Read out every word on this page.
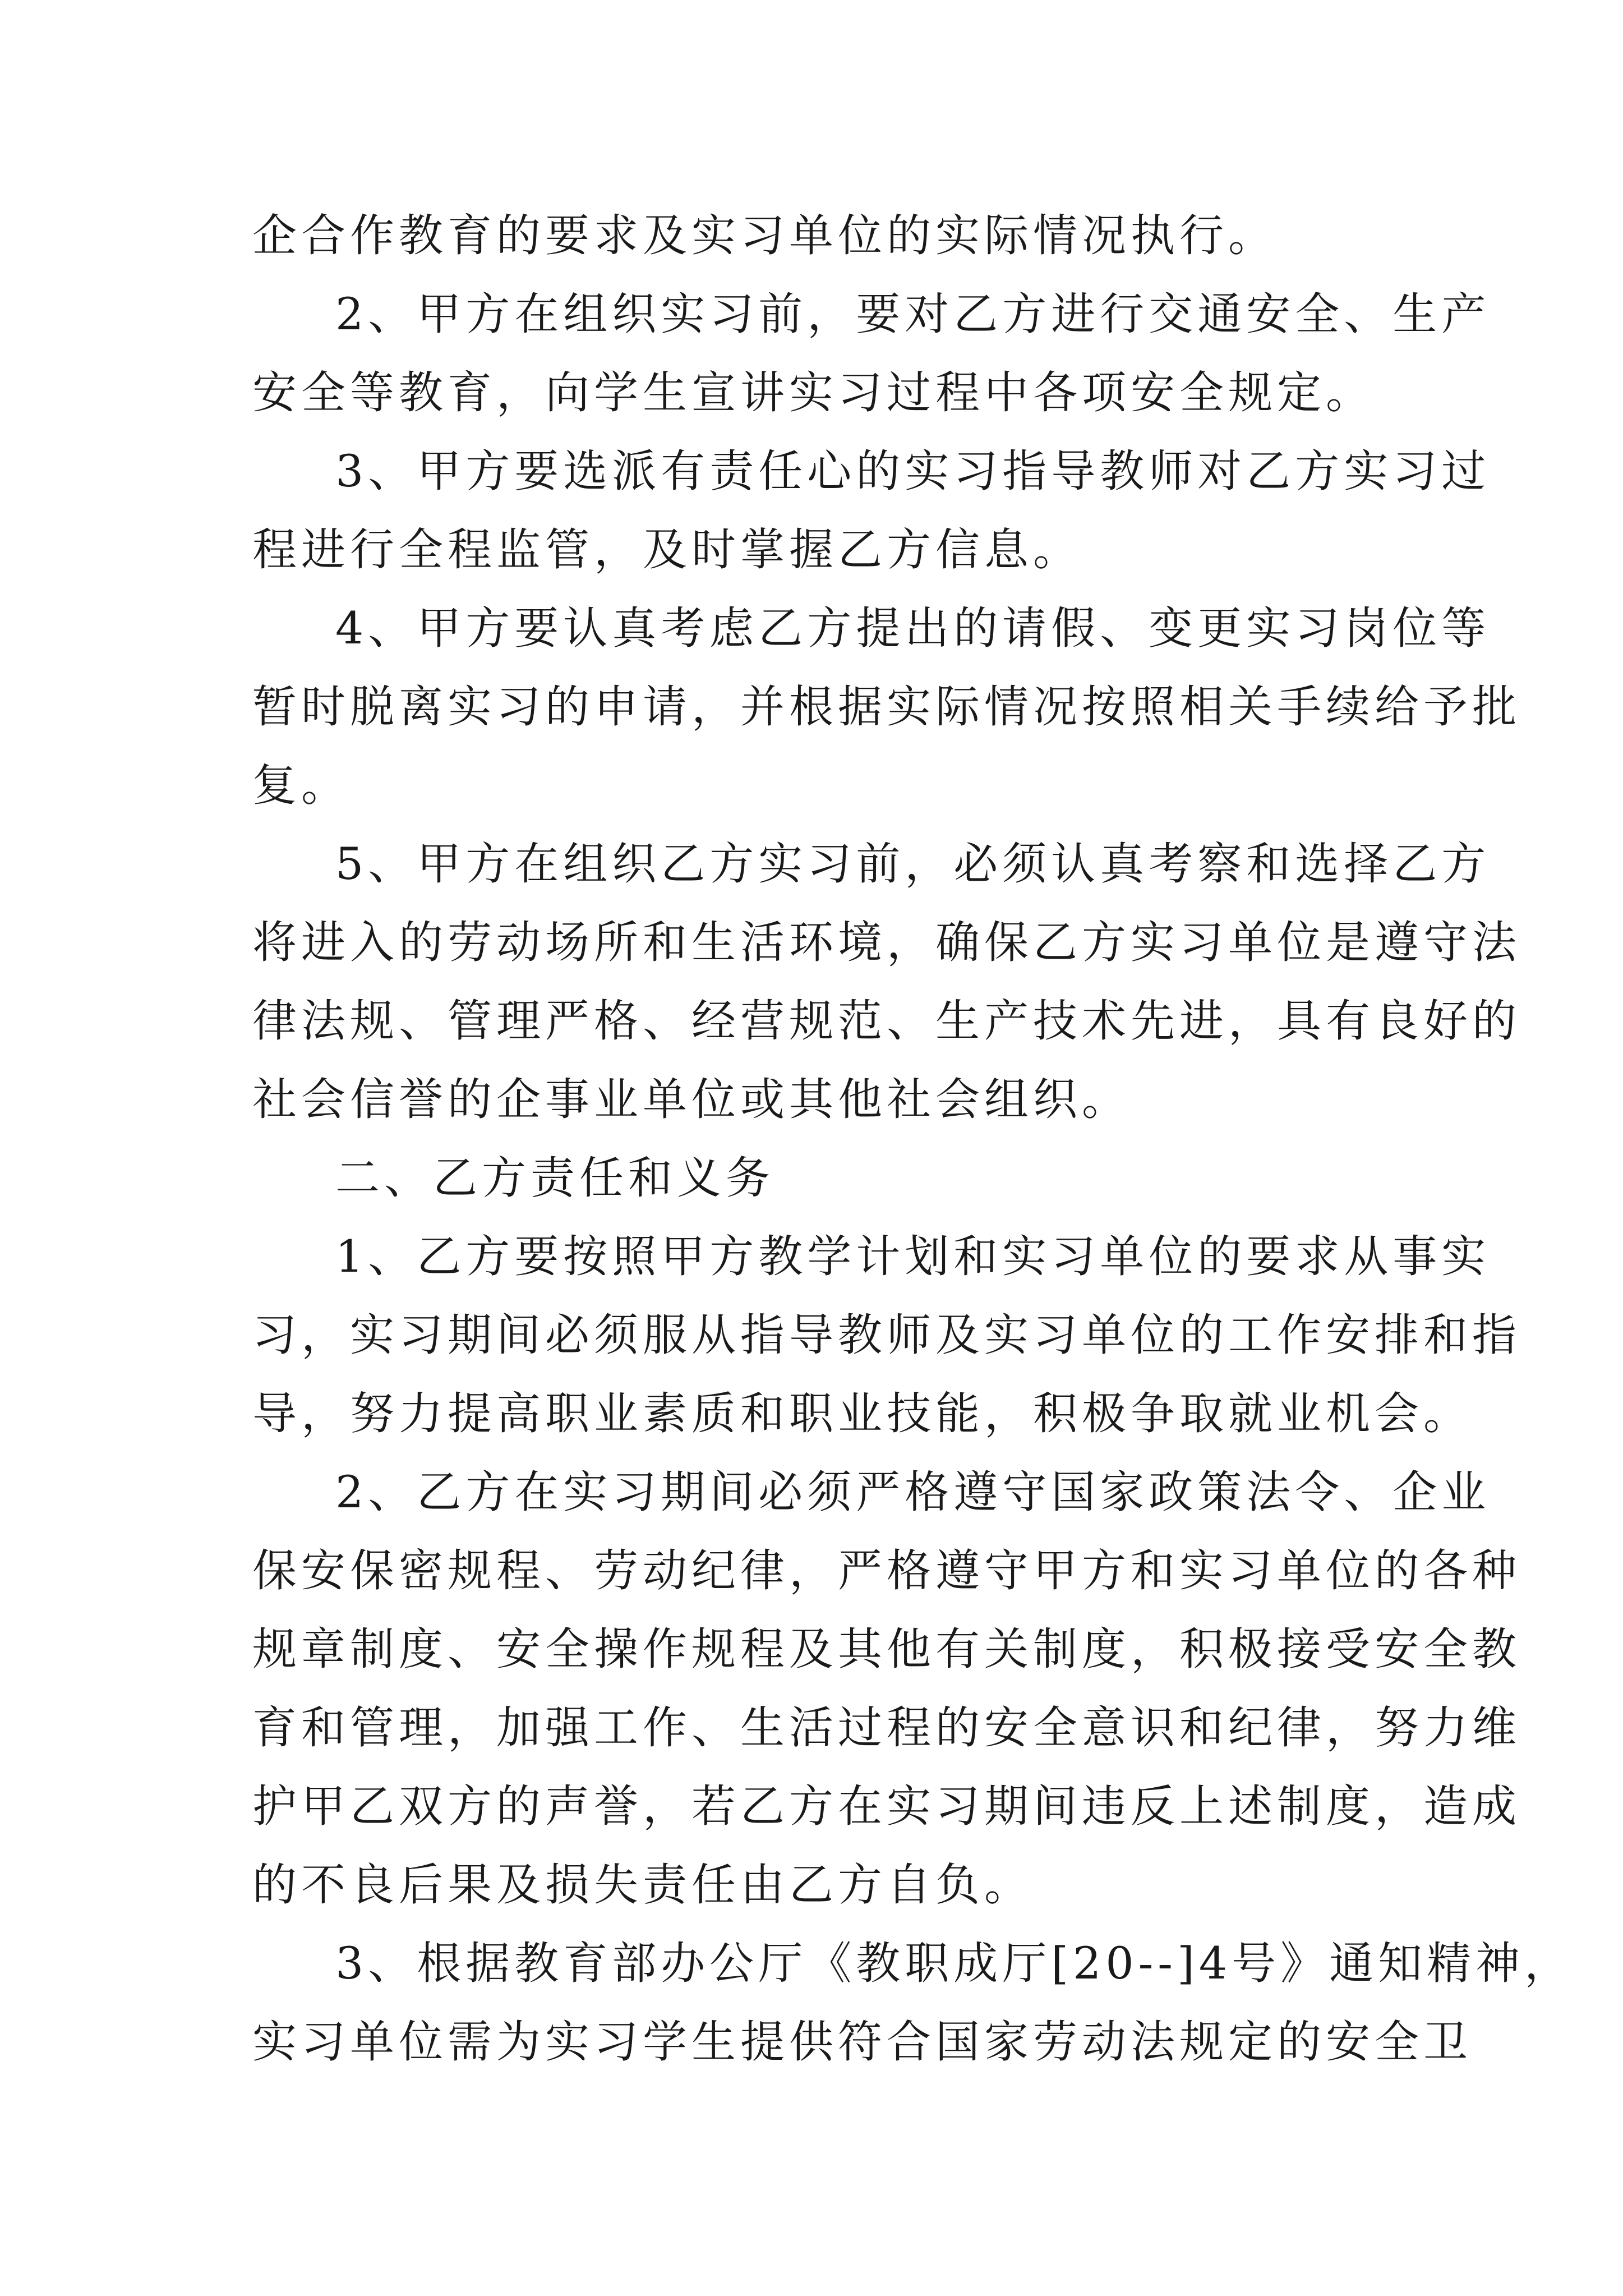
企合作教育的要求及实习单位的实际情况执行。
2、甲方在组织实习前，要对乙方进行交通安全、生产
安全等教育，向学生宣讲实习过程中各项安全规定。
3、甲方要选派有责任心的实习指导教师对乙方实习过
程进行全程监管，及时掌握乙方信息。
4、甲方要认真考虑乙方提出的请假、变更实习岗位等
暂时脱离实习的申请，并根据实际情况按照相关手续给予批
复。
5、甲方在组织乙方实习前，必须认真考察和选择乙方
将进入的劳动场所和生活环境，确保乙方实习单位是遵守法
律法规、管理严格、经营规范、生产技术先进，具有良好的
社会信誉的企事业单位或其他社会组织。
二、乙方责任和义务
1、乙方要按照甲方教学计划和实习单位的要求从事实
习，实习期间必须服从指导教师及实习单位的工作安排和指
导，努力提高职业素质和职业技能，积极争取就业机会。
2、乙方在实习期间必须严格遵守国家政策法令、企业
保安保密规程、劳动纪律，严格遵守甲方和实习单位的各种
规章制度、安全操作规程及其他有关制度，积极接受安全教
育和管理，加强工作、生活过程的安全意识和纪律，努力维
护甲乙双方的声誉，若乙方在实习期间违反上述制度，造成
的不良后果及损失责任由乙方自负。
3、根据教育部办公厅《教职成厅[20--]4号》通知精神，
实习单位需为实习学生提供符合国家劳动法规定的安全卫
